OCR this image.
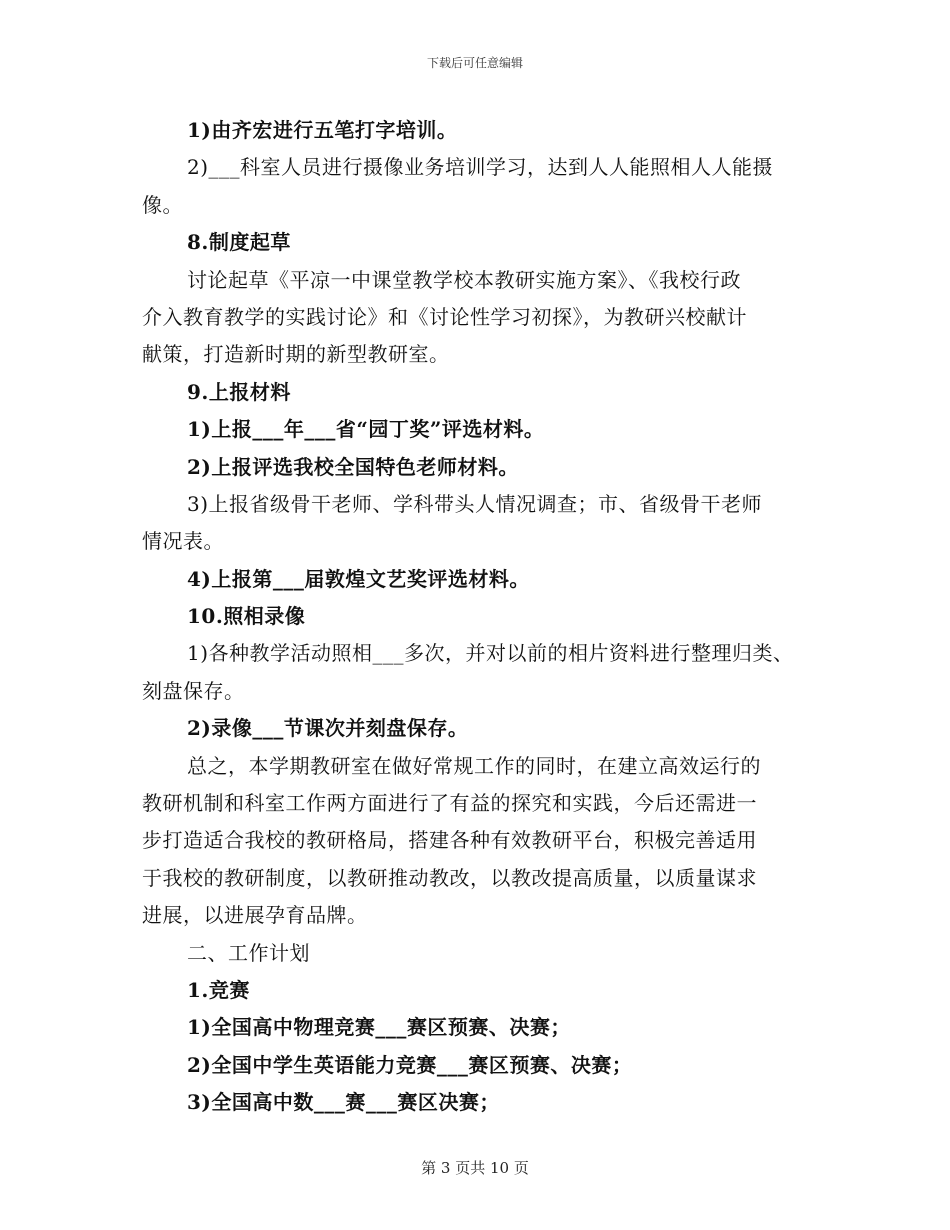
下载后可任意编辑
1)由齐宏进行五笔打字培训。
2)___科室人员进行摄像业务培训学习，达到人人能照相人人能摄
像。
8.制度起草
讨论起草《平凉一中课堂教学校本教研实施方案》、《我校行政
介入教育教学的实践讨论》和《讨论性学习初探》，为教研兴校献计
献策，打造新时期的新型教研室。
9.上报材料
1)上报___年___省“园丁奖”评选材料。
2)上报评选我校全国特色老师材料。
3)上报省级骨干老师、学科带头人情况调查；市、省级骨干老师
情况表。
4)上报第___届敦煌文艺奖评选材料。
10.照相录像
1)各种教学活动照相___多次，并对以前的相片资料进行整理归类、
刻盘保存。
2)录像___节课次并刻盘保存。
总之，本学期教研室在做好常规工作的同时，在建立高效运行的
教研机制和科室工作两方面进行了有益的探究和实践，今后还需进一
步打造适合我校的教研格局，搭建各种有效教研平台，积极完善适用
于我校的教研制度，以教研推动教改，以教改提高质量，以质量谋求
进展，以进展孕育品牌。
二、工作计划
1.竞赛
1)全国高中物理竞赛___赛区预赛、决赛；
2)全国中学生英语能力竞赛___赛区预赛、决赛；
3)全国高中数___赛___赛区决赛；
第 3 页共 10 页
